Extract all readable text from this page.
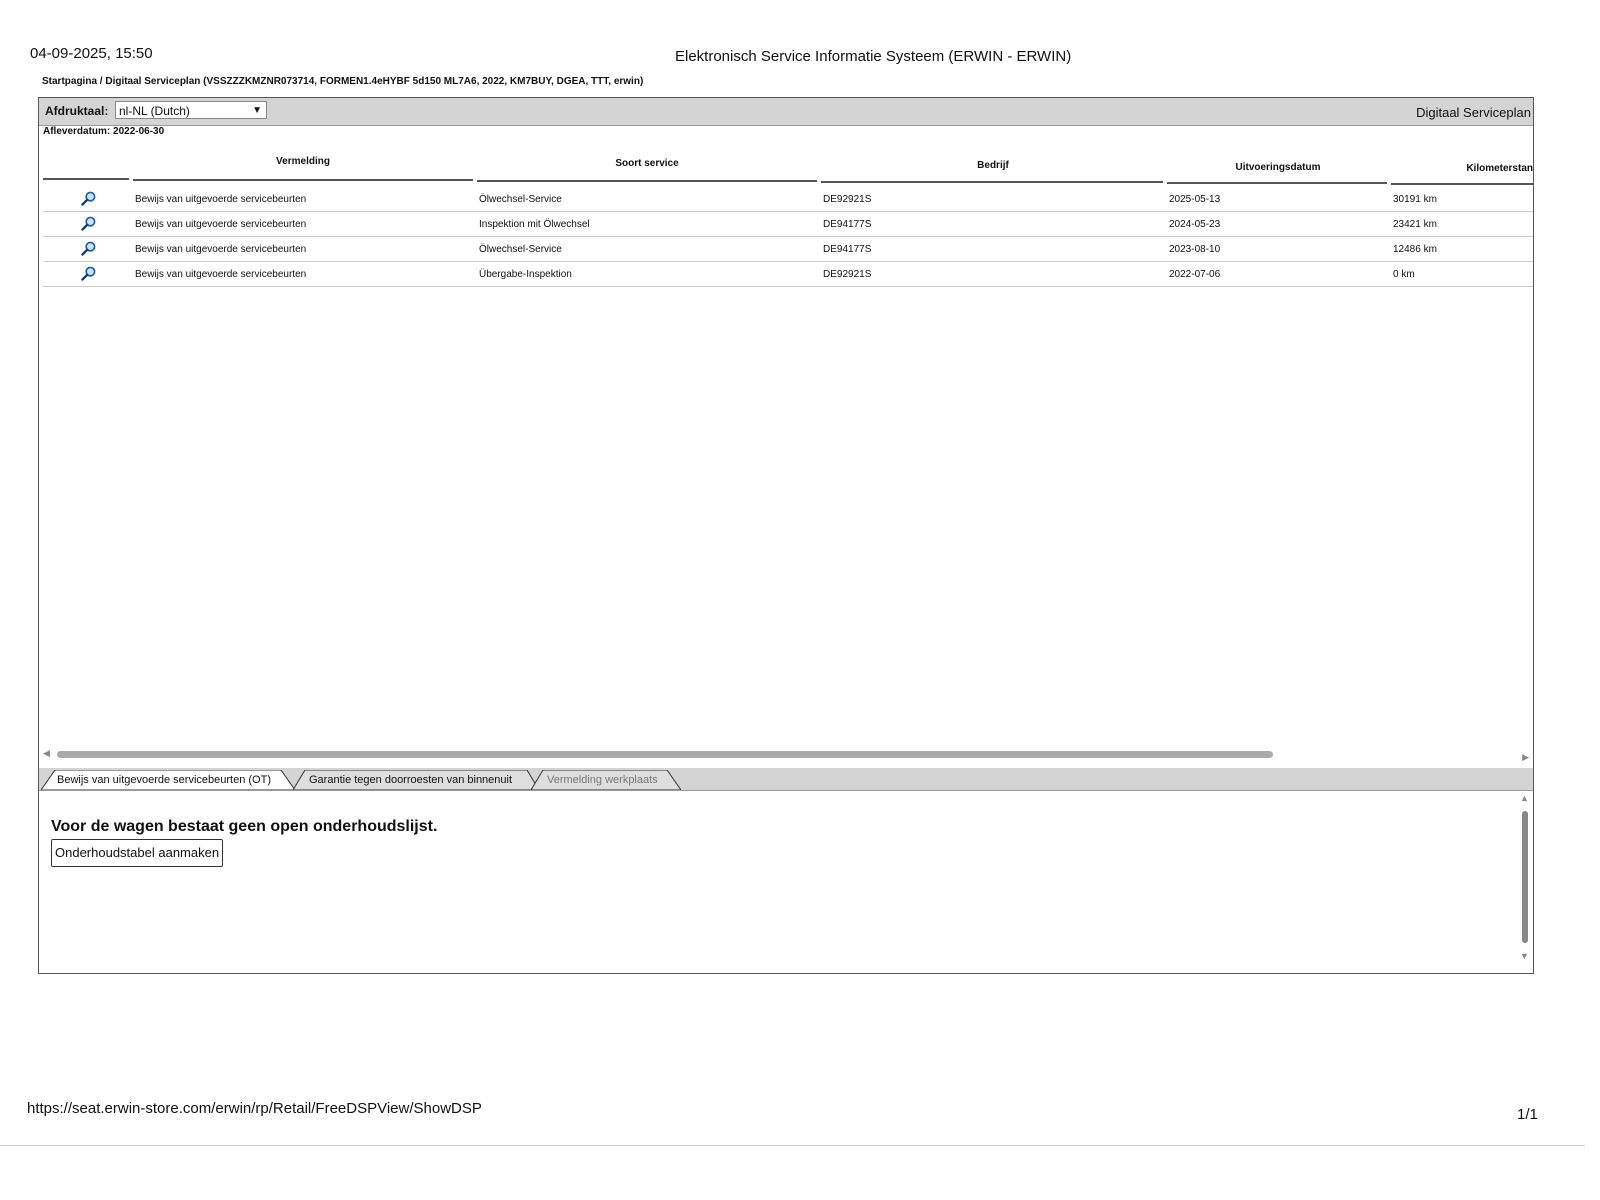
04-09-2025, 15:50	Elektronisch Service Informatie Systeem (ERWIN - ERWIN)
Startpagina / Digitaal Serviceplan (VSSZZZKMZNR073714, FORMEN1.4eHYBF 5d150 ML7A6, 2022, KM7BUY, DGEA, TTT, erwin)
Afdruktaal: nl-NL (Dutch)	▼	Digitaal Serviceplan
Afleverdatum: 2022-06-30
Vermelding	Soort service	Bedrijf	Uitvoeringsdatum	Kilometerstan
Bewijs van uitgevoerde servicebeurten	Ölwechsel-Service	DE92921S	2025-05-13	30191 km
Bewijs van uitgevoerde servicebeurten	Inspektion mit Ölwechsel	DE94177S	2024-05-23	23421 km
Bewijs van uitgevoerde servicebeurten	Ölwechsel-Service	DE94177S	2023-08-10	12486 km
Bewijs van uitgevoerde servicebeurten	Übergabe-Inspektion	DE92921S	2022-07-06	0 km
◀	▶
Bewijs van uitgevoerde servicebeurten (OT)	Garantie tegen doorroesten van binnenuit	Vermelding werkplaats
Voor de wagen bestaat geen open onderhoudslijst.
Onderhoudstabel aanmaken
▲
▼
https://seat.erwin-store.com/erwin/rp/Retail/FreeDSPView/ShowDSP	1/1
